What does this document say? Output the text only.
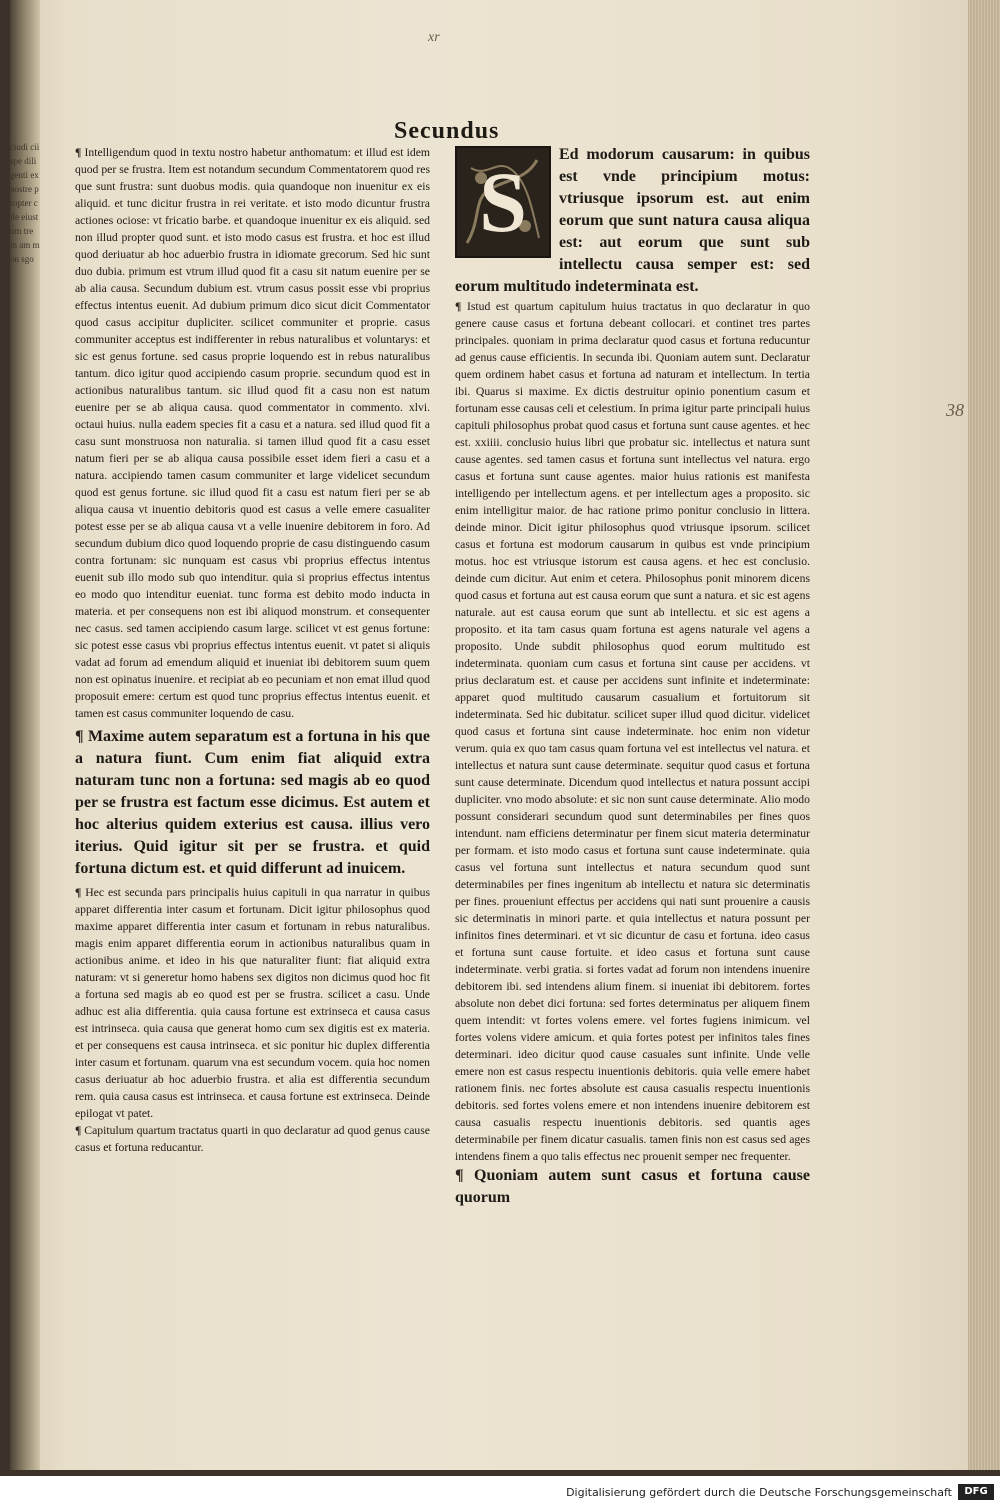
ciudi cii spe diligenti ex nostre propter cile eiustum trem am mon sgo
xr
38
Secundus

¶ Intelligendum quod in textu nostro habetur anthomatum: et illud est idem quod per se frustra. Item est notandum secundum Commentatorem quod res que sunt frustra: sunt duobus modis. quia quandoque non inuenitur ex eis aliquid. et tunc dicitur frustra in rei veritate. et isto modo dicuntur frustra actiones ociose: vt fricatio barbe. et quandoque inuenitur ex eis aliquid. sed non illud propter quod sunt. et isto modo casus est frustra. et hoc est illud quod deriuatur ab hoc aduerbio frustra in idiomate grecorum. Sed hic sunt duo dubia. primum est vtrum illud quod fit a casu sit natum euenire per se ab alia causa. Secundum dubium est. vtrum casus possit esse vbi proprius effectus intentus euenit. Ad dubium primum dico sicut dicit Commentator quod casus accipitur dupliciter. scilicet communiter et proprie. casus communiter acceptus est indifferenter in rebus naturalibus et voluntarys: et sic est genus fortune. sed casus proprie loquendo est in rebus naturalibus tantum. dico igitur quod accipiendo casum proprie. secundum quod est in actionibus naturalibus tantum. sic illud quod fit a casu non est natum euenire per se ab aliqua causa. quod commentator in commento. xlvi. octaui huius. nulla eadem species fit a casu et a natura. sed illud quod fit a casu sunt monstruosa non naturalia. si tamen illud quod fit a casu esset natum fieri per se ab aliqua causa possibile esset idem fieri a casu et a natura. accipiendo tamen casum communiter et large videlicet secundum quod est genus fortune. sic illud quod fit a casu est natum fieri per se ab aliqua causa vt inuentio debitoris quod est casus a velle emere casualiter potest esse per se ab aliqua causa vt a velle inuenire debitorem in foro. Ad secundum dubium dico quod loquendo proprie de casu distinguendo casum contra fortunam: sic nunquam est casus vbi proprius effectus intentus euenit sub illo modo sub quo intenditur. quia si proprius effectus intentus eo modo quo intenditur eueniat. tunc forma est debito modo inducta in materia. et per consequens non est ibi aliquod monstrum. et consequenter nec casus. sed tamen accipiendo casum large. scilicet vt est genus fortune: sic potest esse casus vbi proprius effectus intentus euenit. vt patet si aliquis vadat ad forum ad emendum aliquid et inueniat ibi debitorem suum quem non est opinatus inuenire. et recipiat ab eo pecuniam et non emat illud quod proposuit emere: certum est quod tunc proprius effectus intentus euenit. et tamen est casus communiter loquendo de casu.

¶ Maxime autem separatum est a fortuna in his que a natura fiunt. Cum enim fiat aliquid extra naturam tunc non a fortuna: sed magis ab eo quod per se frustra est factum esse dicimus. Est autem et hoc alterius quidem exterius est causa. illius vero iterius. Quid igitur sit per se frustra. et quid fortuna dictum est. et quid differunt ad inuicem.

¶ Hec est secunda pars principalis huius capituli in qua narratur in quibus apparet differentia inter casum et fortunam. Dicit igitur philosophus quod maxime apparet differentia inter casum et fortunam in rebus naturalibus. magis enim apparet differentia eorum in actionibus naturalibus quam in actionibus anime. et ideo in his que naturaliter fiunt: fiat aliquid extra naturam: vt si generetur homo habens sex digitos non dicimus quod hoc fit a fortuna sed magis ab eo quod est per se frustra. scilicet a casu. Unde adhuc est alia differentia. quia causa fortune est extrinseca et causa casus est intrinseca. quia causa que generat homo cum sex digitis est ex materia. et per consequens est causa intrinseca. et sic ponitur hic duplex differentia inter casum et fortunam. quarum vna est secundum vocem. quia hoc nomen casus deriuatur ab hoc aduerbio frustra. et alia est differentia secundum rem. quia causa casus est intrinseca. et causa fortune est extrinseca. Deinde epilogat vt patet.

¶ Capitulum quartum tractatus quarti in quo declaratur ad quod genus cause casus et fortuna reducantur.

S	Ed modorum causarum: in quibus est vnde principium motus: vtriusque ipsorum est. aut enim eorum que sunt natura causa aliqua est: aut eorum que sunt sub intellectu causa semper est: sed eorum multitudo indeterminata est.

¶ Istud est quartum capitulum huius tractatus in quo declaratur in quo genere cause casus et fortuna debeant collocari. et continet tres partes principales. quoniam in prima declaratur quod casus et fortuna reducuntur ad genus cause efficientis. In secunda ibi. Quoniam autem sunt. Declaratur quem ordinem habet casus et fortuna ad naturam et intellectum. In tertia ibi. Quarus si maxime. Ex dictis destruitur opinio ponentium casum et fortunam esse causas celi et celestium. In prima igitur parte principali huius capituli philosophus probat quod casus et fortuna sunt cause agentes. et hec est. xxiiii. conclusio huius libri que probatur sic. intellectus et natura sunt cause agentes. sed tamen casus et fortuna sunt intellectus vel natura. ergo casus et fortuna sunt cause agentes. maior huius rationis est manifesta intelligendo per intellectum agens. et per intellectum ages a proposito. sic enim intelligitur maior. de hac ratione primo ponitur conclusio in littera. deinde minor. Dicit igitur philosophus quod vtriusque ipsorum. scilicet casus et fortuna est modorum causarum in quibus est vnde principium motus. hoc est vtriusque istorum est causa agens. et hec est conclusio. deinde cum dicitur. Aut enim et cetera. Philosophus ponit minorem dicens quod casus et fortuna aut est causa eorum que sunt a natura. et sic est agens naturale. aut est causa eorum que sunt ab intellectu. et sic est agens a proposito. et ita tam casus quam fortuna est agens naturale vel agens a proposito. Unde subdit philosophus quod eorum multitudo est indeterminata. quoniam cum casus et fortuna sint cause per accidens. vt prius declaratum est. et cause per accidens sunt infinite et indeterminate: apparet quod multitudo causarum casualium et fortuitorum sit indeterminata. Sed hic dubitatur. scilicet super illud quod dicitur. videlicet quod casus et fortuna sint cause indeterminate. hoc enim non videtur verum. quia ex quo tam casus quam fortuna vel est intellectus vel natura. et intellectus et natura sunt cause determinate. sequitur quod casus et fortuna sunt cause determinate. Dicendum quod intellectus et natura possunt accipi dupliciter. vno modo absolute: et sic non sunt cause determinate. Alio modo possunt considerari secundum quod sunt determinabiles per fines quos intendunt. nam efficiens determinatur per finem sicut materia determinatur per formam. et isto modo casus et fortuna sunt cause indeterminate. quia casus vel fortuna sunt intellectus et natura secundum quod sunt determinabiles per fines ingenitum ab intellectu et natura sic determinatis per fines. proueniunt effectus per accidens qui nati sunt prouenire a causis sic determinatis in minori parte. et quia intellectus et natura possunt per infinitos fines determinari. et vt sic dicuntur de casu et fortuna. ideo casus et fortuna sunt cause fortuite. et ideo casus et fortuna sunt cause indeterminate. verbi gratia. si fortes vadat ad forum non intendens inuenire debitorem ibi. sed intendens alium finem. si inueniat ibi debitorem. fortes absolute non debet dici fortuna: sed fortes determinatus per aliquem finem quem intendit: vt fortes volens emere. vel fortes fugiens inimicum. vel fortes volens videre amicum. et quia fortes potest per infinitos tales fines determinari. ideo dicitur quod cause casuales sunt infinite. Unde velle emere non est casus respectu inuentionis debitoris. quia velle emere habet rationem finis. nec fortes absolute est causa casualis respectu inuentionis debitoris. sed fortes volens emere et non intendens inuenire debitorem est causa casualis respectu inuentionis debitoris. sed quantis ages determinabile per finem dicatur casualis. tamen finis non est casus sed ages intendens finem a quo talis effectus nec prouenit semper nec frequenter.

¶ Quoniam autem sunt casus et fortuna cause quorum

Digitalisierung gefördert durch die Deutsche Forschungsgemeinschaft	DFG
